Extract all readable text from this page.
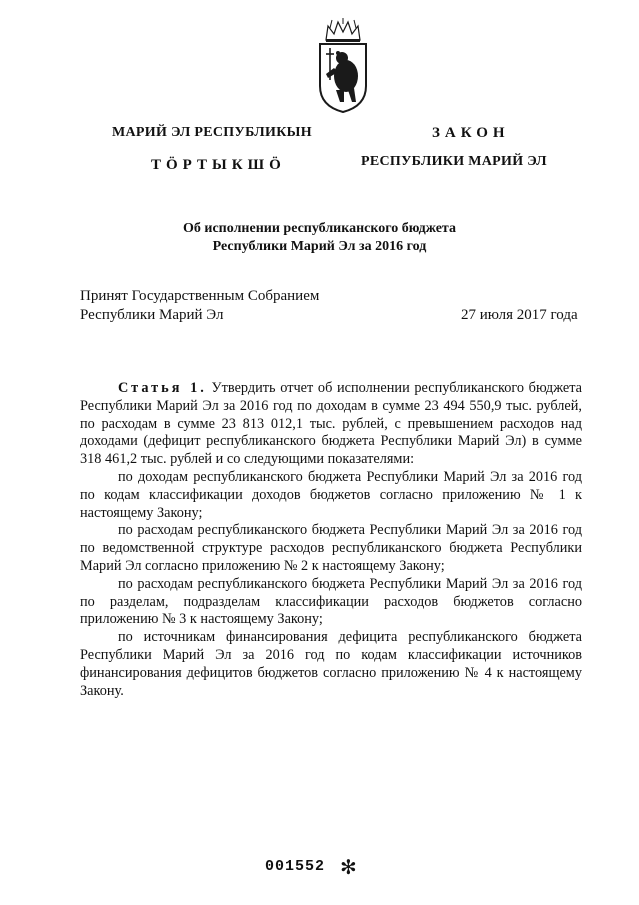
МАРИЙ ЭЛ РЕСПУБЛИКЫН
ТӦРТЫКШӦ
ЗАКОН
РЕСПУБЛИКИ МАРИЙ ЭЛ
Об исполнении республиканского бюджета
Республики Марий Эл за 2016 год
Принят Государственным Собранием
Республики Марий Эл	27 июля 2017 года

Статья 1. Утвердить отчет об исполнении республиканского бюджета Республики Марий Эл за 2016 год по доходам в сумме 23 494 550,9 тыс. рублей, по расходам в сумме 23 813 012,1 тыс. рублей, с превышением расходов над доходами (дефицит республиканского бюджета Республики Марий Эл) в сумме 318 461,2 тыс. рублей и со следующими показателями:

по доходам республиканского бюджета Республики Марий Эл за 2016 год по кодам классификации доходов бюджетов согласно приложению № 1 к настоящему Закону;

по расходам республиканского бюджета Республики Марий Эл за 2016 год по ведомственной структуре расходов республиканского бюджета Республики Марий Эл согласно приложению № 2 к настоящему Закону;

по расходам республиканского бюджета Республики Марий Эл за 2016 год по разделам, подразделам классификации расходов бюджетов согласно приложению № 3 к настоящему Закону;

по источникам финансирования дефицита республиканского бюджета Республики Марий Эл за 2016 год по кодам классификации источников финансирования дефицитов бюджетов согласно приложению № 4 к настоящему Закону.

001552 ✻
